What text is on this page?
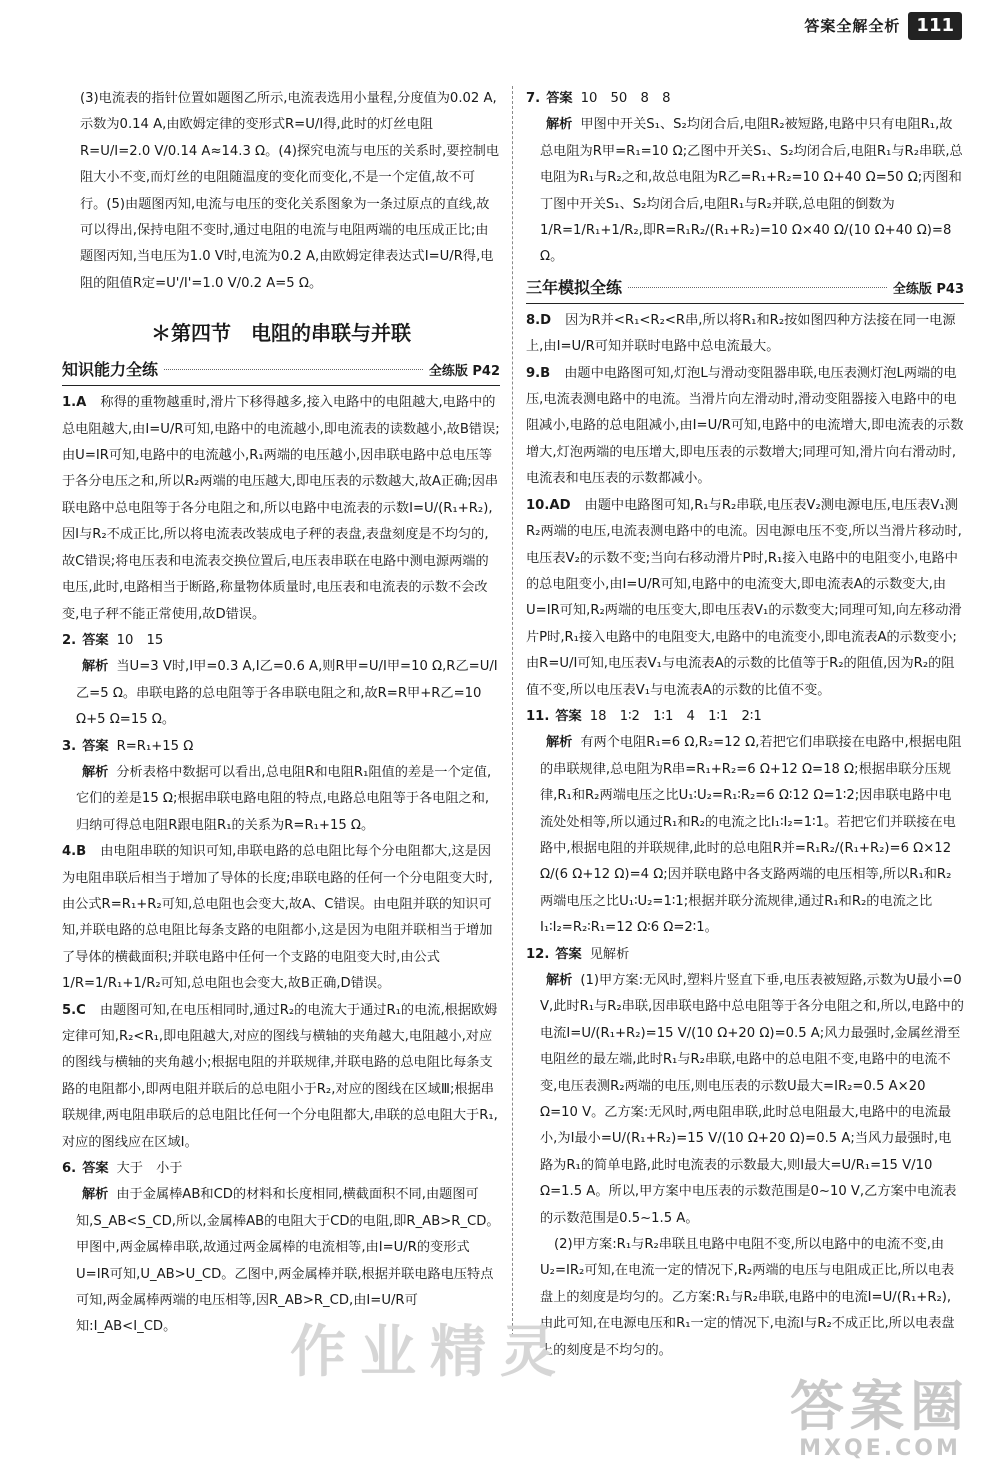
答案全解全析 111

(3)电流表的指针位置如题图乙所示,电流表选用小量程,分度值为0.02 A,示数为0.14 A,由欧姆定律的变形式R=U/I得,此时的灯丝电阻R=U/I=2.0 V/0.14 A≈14.3 Ω。(4)探究电流与电压的关系时,要控制电阻大小不变,而灯丝的电阻随温度的变化而变化,不是一个定值,故不可行。(5)由题图丙知,电流与电压的变化关系图象为一条过原点的直线,故可以得出,保持电阻不变时,通过电阻的电流与电阻两端的电压成正比;由题图丙知,当电压为1.0 V时,电流为0.2 A,由欧姆定律表达式I=U/R得,电阻的阻值R定=U'/I'=1.0 V/0.2 A=5 Ω。

＊第四节　电阻的串联与并联
知识能力全练	全练版 P42

1.A 称得的重物越重时,滑片下移得越多,接入电路中的电阻越大,电路中的总电阻越大,由I=U/R可知,电路中的电流越小,即电流表的读数越小,故B错误;由U=IR可知,电路中的电流越小,R₁两端的电压越小,因串联电路中总电压等于各分电压之和,所以R₂两端的电压越大,即电压表的示数越大,故A正确;因串联电路中总电阻等于各分电阻之和,所以电路中电流表的示数I=U/(R₁+R₂),因I与R₂不成正比,所以将电流表改装成电子秤的表盘,表盘刻度是不均匀的,故C错误;将电压表和电流表交换位置后,电压表串联在电路中测电源两端的电压,此时,电路相当于断路,称量物体质量时,电压表和电流表的示数不会改变,电子秤不能正常使用,故D错误。

2. 答案 10　15

解析 当U=3 V时,I甲=0.3 A,I乙=0.6 A,则R甲=U/I甲=10 Ω,R乙=U/I乙=5 Ω。串联电路的总电阻等于各串联电阻之和,故R=R甲+R乙=10 Ω+5 Ω=15 Ω。

3. 答案 R=R₁+15 Ω

解析 分析表格中数据可以看出,总电阻R和电阻R₁阻值的差是一个定值,它们的差是15 Ω;根据串联电路电阻的特点,电路总电阻等于各电阻之和,归纳可得总电阻R跟电阻R₁的关系为R=R₁+15 Ω。

4.B 由电阻串联的知识可知,串联电路的总电阻比每个分电阻都大,这是因为电阻串联后相当于增加了导体的长度;串联电路的任何一个分电阻变大时,由公式R=R₁+R₂可知,总电阻也会变大,故A、C错误。由电阻并联的知识可知,并联电路的总电阻比每条支路的电阻都小,这是因为电阻并联相当于增加了导体的横截面积;并联电路中任何一个支路的电阻变大时,由公式1/R=1/R₁+1/R₂可知,总电阻也会变大,故B正确,D错误。

5.C 由题图可知,在电压相同时,通过R₂的电流大于通过R₁的电流,根据欧姆定律可知,R₂<R₁,即电阻越大,对应的图线与横轴的夹角越大,电阻越小,对应的图线与横轴的夹角越小;根据电阻的并联规律,并联电路的总电阻比每条支路的电阻都小,即两电阻并联后的总电阻小于R₂,对应的图线在区域Ⅲ;根据串联规律,两电阻串联后的总电阻比任何一个分电阻都大,串联的总电阻大于R₁,对应的图线应在区域Ⅰ。

6. 答案 大于　小于

解析 由于金属棒AB和CD的材料和长度相同,横截面积不同,由题图可知,S_AB<S_CD,所以,金属棒AB的电阻大于CD的电阻,即R_AB>R_CD。甲图中,两金属棒串联,故通过两金属棒的电流相等,由I=U/R的变形式U=IR可知,U_AB>U_CD。乙图中,两金属棒并联,根据并联电路电压特点可知,两金属棒两端的电压相等,因R_AB>R_CD,由I=U/R可知:I_AB<I_CD。

7. 答案 10　50　8　8

解析 甲图中开关S₁、S₂均闭合后,电阻R₂被短路,电路中只有电阻R₁,故总电阻为R甲=R₁=10 Ω;乙图中开关S₁、S₂均闭合后,电阻R₁与R₂串联,总电阻为R₁与R₂之和,故总电阻为R乙=R₁+R₂=10 Ω+40 Ω=50 Ω;丙图和丁图中开关S₁、S₂均闭合后,电阻R₁与R₂并联,总电阻的倒数为1/R=1/R₁+1/R₂,即R=R₁R₂/(R₁+R₂)=10 Ω×40 Ω/(10 Ω+40 Ω)=8 Ω。

三年模拟全练	全练版 P43

8.D 因为R并<R₁<R₂<R串,所以将R₁和R₂按如图四种方法接在同一电源上,由I=U/R可知并联时电路中总电流最大。

9.B 由题中电路图可知,灯泡L与滑动变阻器串联,电压表测灯泡L两端的电压,电流表测电路中的电流。当滑片向左滑动时,滑动变阻器接入电路中的电阻减小,电路的总电阻减小,由I=U/R可知,电路中的电流增大,即电流表的示数增大,灯泡两端的电压增大,即电压表的示数增大;同理可知,滑片向右滑动时,电流表和电压表的示数都减小。

10.AD 由题中电路图可知,R₁与R₂串联,电压表V₂测电源电压,电压表V₁测R₂两端的电压,电流表测电路中的电流。因电源电压不变,所以当滑片移动时,电压表V₂的示数不变;当向右移动滑片P时,R₁接入电路中的电阻变小,电路中的总电阻变小,由I=U/R可知,电路中的电流变大,即电流表A的示数变大,由U=IR可知,R₂两端的电压变大,即电压表V₁的示数变大;同理可知,向左移动滑片P时,R₁接入电路中的电阻变大,电路中的电流变小,即电流表A的示数变小;由R=U/I可知,电压表V₁与电流表A的示数的比值等于R₂的阻值,因为R₂的阻值不变,所以电压表V₁与电流表A的示数的比值不变。

11. 答案 18　1∶2　1∶1　4　1∶1　2∶1

解析 有两个电阻R₁=6 Ω,R₂=12 Ω,若把它们串联接在电路中,根据电阻的串联规律,总电阻为R串=R₁+R₂=6 Ω+12 Ω=18 Ω;根据串联分压规律,R₁和R₂两端电压之比U₁∶U₂=R₁∶R₂=6 Ω∶12 Ω=1∶2;因串联电路中电流处处相等,所以通过R₁和R₂的电流之比I₁∶I₂=1∶1。若把它们并联接在电路中,根据电阻的并联规律,此时的总电阻R并=R₁R₂/(R₁+R₂)=6 Ω×12 Ω/(6 Ω+12 Ω)=4 Ω;因并联电路中各支路两端的电压相等,所以R₁和R₂两端电压之比U₁∶U₂=1∶1;根据并联分流规律,通过R₁和R₂的电流之比I₁∶I₂=R₂∶R₁=12 Ω∶6 Ω=2∶1。

12. 答案 见解析

解析 (1)甲方案:无风时,塑料片竖直下垂,电压表被短路,示数为U最小=0 V,此时R₁与R₂串联,因串联电路中总电阻等于各分电阻之和,所以,电路中的电流I=U/(R₁+R₂)=15 V/(10 Ω+20 Ω)=0.5 A;风力最强时,金属丝滑至电阻丝的最左端,此时R₁与R₂串联,电路中的总电阻不变,电路中的电流不变,电压表测R₂两端的电压,则电压表的示数U最大=IR₂=0.5 A×20 Ω=10 V。乙方案:无风时,两电阻串联,此时总电阻最大,电路中的电流最小,为I最小=U/(R₁+R₂)=15 V/(10 Ω+20 Ω)=0.5 A;当风力最强时,电路为R₁的简单电路,此时电流表的示数最大,则I最大=U/R₁=15 V/10 Ω=1.5 A。所以,甲方案中电压表的示数范围是0~10 V,乙方案中电流表的示数范围是0.5~1.5 A。

(2)甲方案:R₁与R₂串联且电路中电阻不变,所以电路中的电流不变,由U₂=IR₂可知,在电流一定的情况下,R₂两端的电压与电阻成正比,所以电表盘上的刻度是均匀的。乙方案:R₁与R₂串联,电路中的电流I=U/(R₁+R₂),由此可知,在电源电压和R₁一定的情况下,电流I与R₂不成正比,所以电表盘上的刻度是不均匀的。

作业精灵
答案圈
MXQE.COM
